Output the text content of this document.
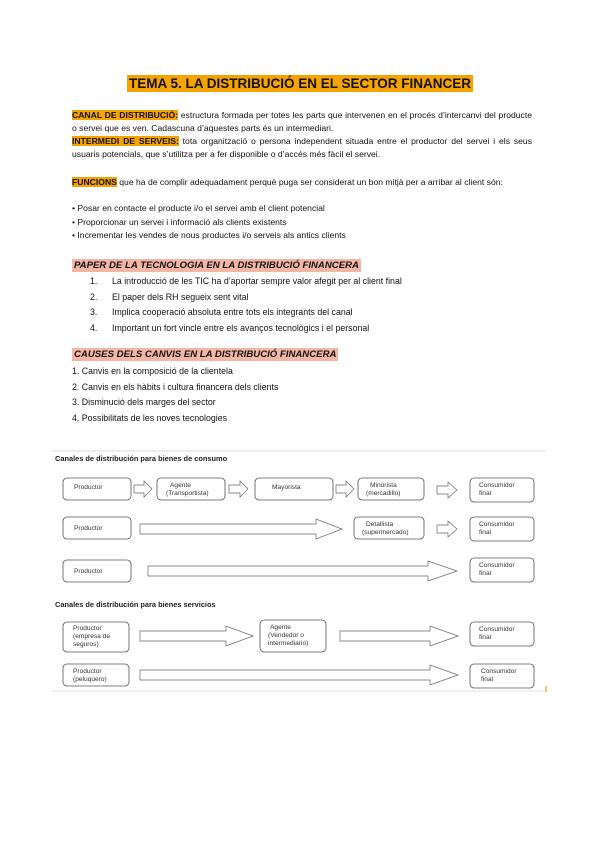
TEMA 5. LA DISTRIBUCIÓ EN EL SECTOR FINANCER
CANAL DE DISTRIBUCIÓ: estructura formada per totes les parts que intervenen en el procés d’intercanvi del producte o servei que es ven. Cadascuna d’aquestes parts és un intermediari.
INTERMEDI DE SERVEIS: tota organització o persona independent situada entre el productor del servei i els seus usuaris potencials, que s’utilitza per a fer disponible o d’accés més fàcil el servei.
FUNCIONS que ha de complir adequadament perquè puga ser considerat un bon mitjà per a arribar al client són:
• Posar en contacte el producte i/o el servei amb el client potencial
• Proporcionar un servei i informació als clients existents
• Incrementar les vendes de nous productes i/o serveis als antics clients
PAPER DE LA TECNOLOGIA EN LA DISTRIBUCIÓ FINANCERA
1. La introducció de les TIC ha d’aportar sempre valor afegit per al client final
2. El paper dels RH segueix sent vital
3. Implica cooperació absoluta entre tots els integrants del canal
4. Important un fort vincle entre els avanços tecnològics i el personal
CAUSES DELS CANVIS EN LA DISTRIBUCIÓ FINANCERA
1. Canvis en la composició de la clientela
2. Canvis en els hàbits i cultura financera dels clients
3. Disminució dels marges del sector
4. Possibilitats de les noves tecnologies
Canales de distribución para bienes de consumo
Productor	Agente
(Transportista)
Mayorista	Minorista
(mercadillo)
Consumidor
final
Productor
Detallista
(supermercado)
Consumidor
final
Productor
Consumidor
final
Canales de distribución para bienes servicios
Productor
(empresa de
seguros)
Agente
(Vendedor o
intermediario)
Consumidor
final
Productor
(peluquero)
Consumidor
final
